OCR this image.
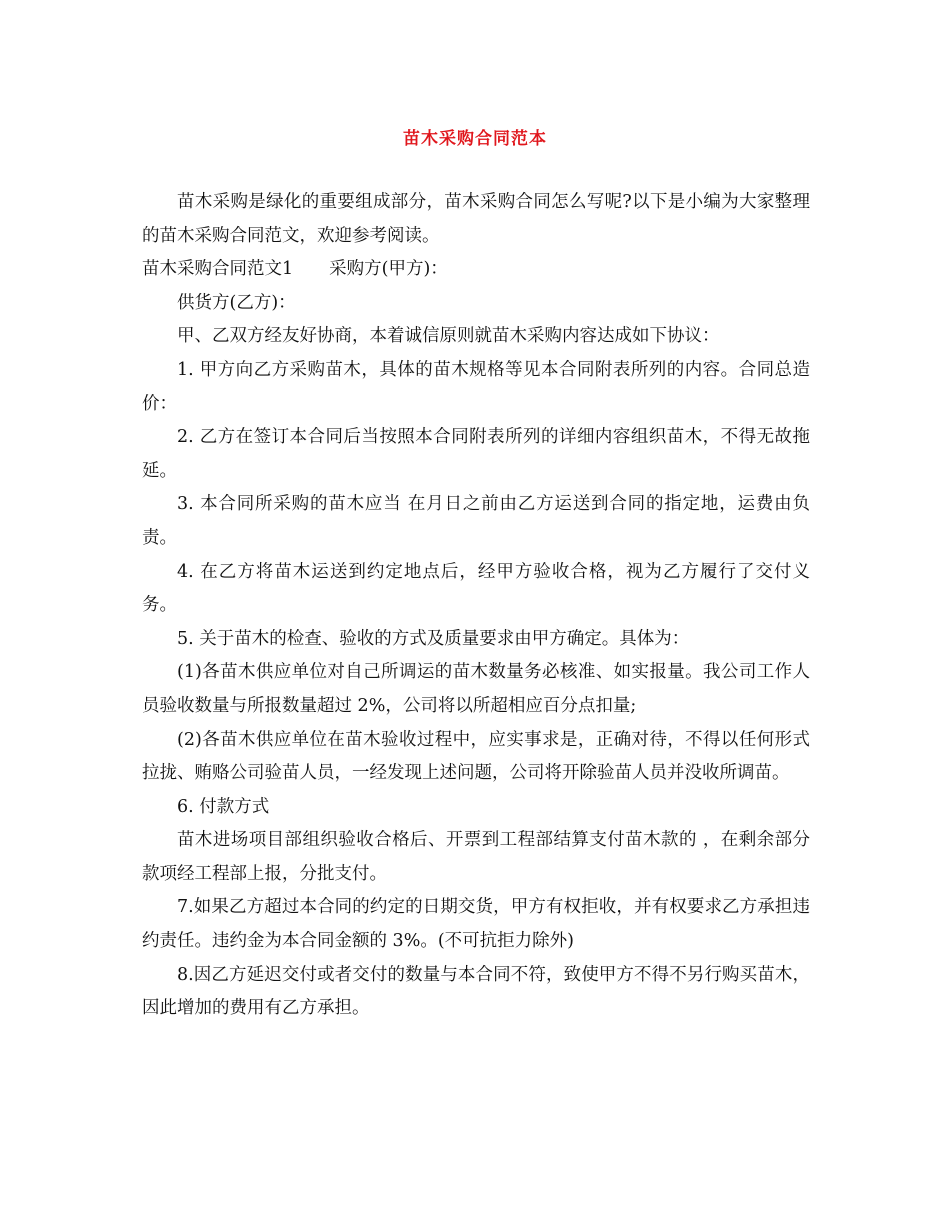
苗木采购合同范本

苗木采购是绿化的重要组成部分，苗木采购合同怎么写呢?以下是小编为大家整理的苗木采购合同范文，欢迎参考阅读。

苗木采购合同范文1 采购方(甲方)：

供货方(乙方)：

甲、乙双方经友好协商，本着诚信原则就苗木采购内容达成如下协议：

1. 甲方向乙方采购苗木，具体的苗木规格等见本合同附表所列的内容。合同总造价：

2. 乙方在签订本合同后当按照本合同附表所列的详细内容组织苗木，不得无故拖延。

3. 本合同所采购的苗木应当 在月日之前由乙方运送到合同的指定地，运费由负责。

4. 在乙方将苗木运送到约定地点后，经甲方验收合格，视为乙方履行了交付义务。

5. 关于苗木的检查、验收的方式及质量要求由甲方确定。具体为：

(1)各苗木供应单位对自己所调运的苗木数量务必核准、如实报量。我公司工作人员验收数量与所报数量超过 2%，公司将以所超相应百分点扣量;

(2)各苗木供应单位在苗木验收过程中，应实事求是，正确对待，不得以任何形式拉拢、贿赂公司验苗人员，一经发现上述问题，公司将开除验苗人员并没收所调苗。

6. 付款方式

苗木进场项目部组织验收合格后、开票到工程部结算支付苗木款的 ，在剩余部分款项经工程部上报，分批支付。

7.如果乙方超过本合同的约定的日期交货，甲方有权拒收，并有权要求乙方承担违约责任。违约金为本合同金额的 3%。(不可抗拒力除外)

8.因乙方延迟交付或者交付的数量与本合同不符，致使甲方不得不另行购买苗木，因此增加的费用有乙方承担。
